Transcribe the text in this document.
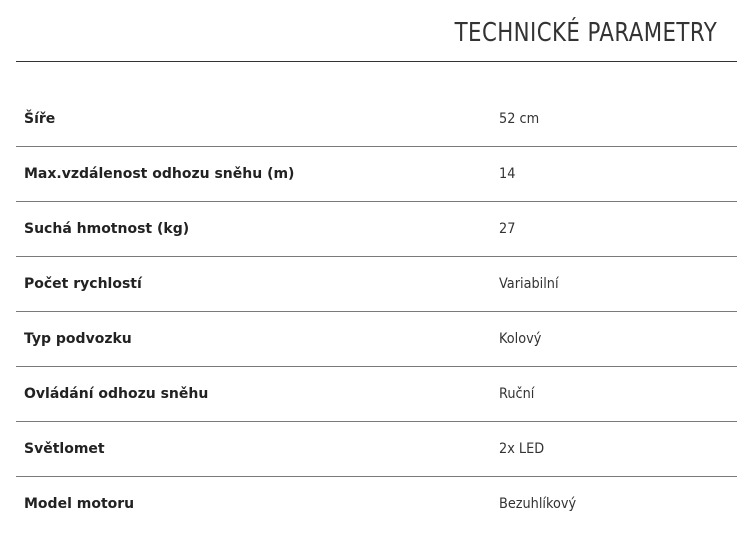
TECHNICKÉ PARAMETRY
Šíře	52 cm
Max.vzdálenost odhozu sněhu (m)	14
Suchá hmotnost (kg)	27
Počet rychlostí	Variabilní
Typ podvozku	Kolový
Ovládání odhozu sněhu	Ruční
Světlomet	2x LED
Model motoru	Bezuhlíkový
